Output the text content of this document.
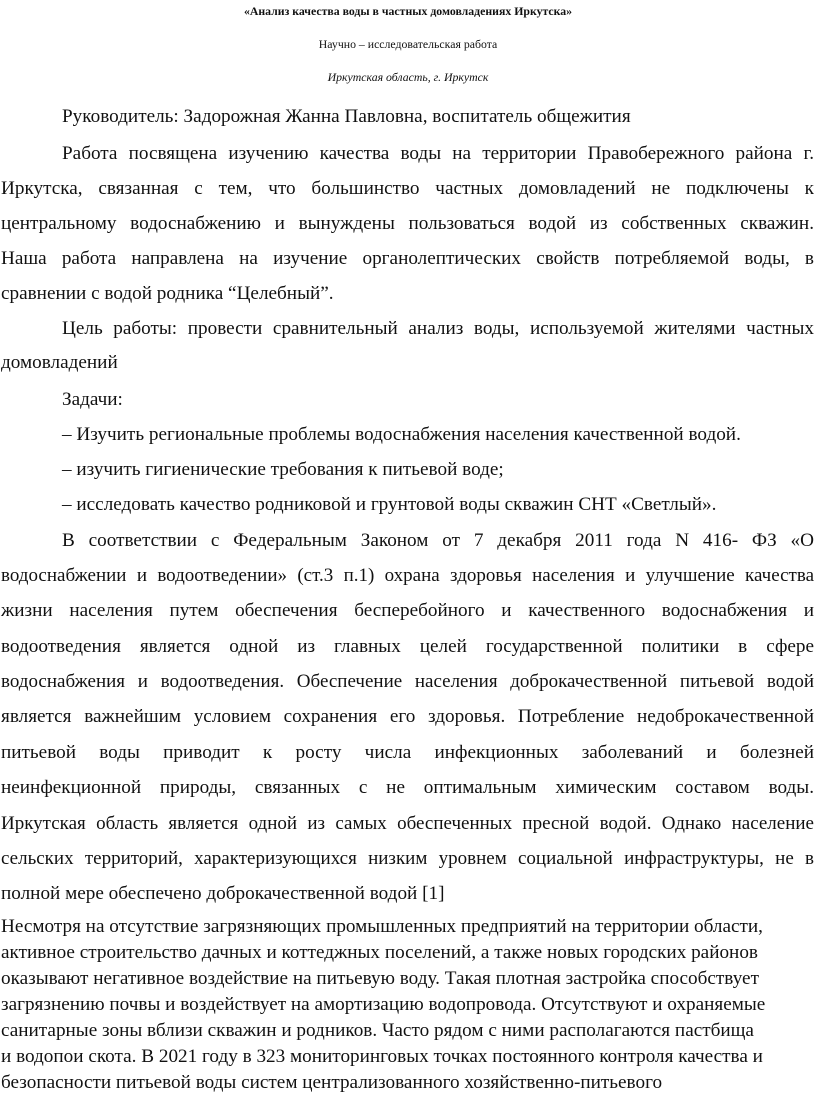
«Анализ качества воды в частных домовладениях Иркутска»
Научно – исследовательская работа
Иркутская область, г. Иркутск
Руководитель: Задорожная Жанна Павловна, воспитатель общежития
Работа посвящена изучению качества воды на территории Правобережного района г.
Иркутска, связанная с тем, что большинство частных домовладений не подключены к
центральному водоснабжению и вынуждены пользоваться водой из собственных скважин.
Наша работа направлена на изучение органолептических свойств потребляемой воды, в
сравнении с водой родника “Целебный”.
Цель работы: провести сравнительный анализ воды, используемой жителями частных
домовладений
Задачи:
– Изучить региональные проблемы водоснабжения населения качественной водой.
– изучить гигиенические требования к питьевой воде;
– исследовать качество родниковой и грунтовой воды скважин СНТ «Светлый».
В соответствии с Федеральным Законом от 7 декабря 2011 года N 416- ФЗ «О
водоснабжении и водоотведении» (ст.3 п.1) охрана здоровья населения и улучшение качества
жизни населения путем обеспечения бесперебойного и качественного водоснабжения и
водоотведения является одной из главных целей государственной политики в сфере
водоснабжения и водоотведения. Обеспечение населения доброкачественной питьевой водой
является важнейшим условием сохранения его здоровья. Потребление недоброкачественной
питьевой воды приводит к росту числа инфекционных заболеваний и болезней
неинфекционной природы, связанных с не оптимальным химическим составом воды.
Иркутская область является одной из самых обеспеченных пресной водой. Однако население
сельских территорий, характеризующихся низким уровнем социальной инфраструктуры, не в
полной мере обеспечено доброкачественной водой [1]
Несмотря на отсутствие загрязняющих промышленных предприятий на территории области,
активное строительство дачных и коттеджных поселений, а также новых городских районов
оказывают негативное воздействие на питьевую воду. Такая плотная застройка способствует
загрязнению почвы и воздействует на амортизацию водопровода. Отсутствуют и охраняемые
санитарные зоны вблизи скважин и родников. Часто рядом с ними располагаются пастбища
и водопои скота. В 2021 году в 323 мониторинговых точках постоянного контроля качества и
безопасности питьевой воды систем централизованного хозяйственно-питьевого
